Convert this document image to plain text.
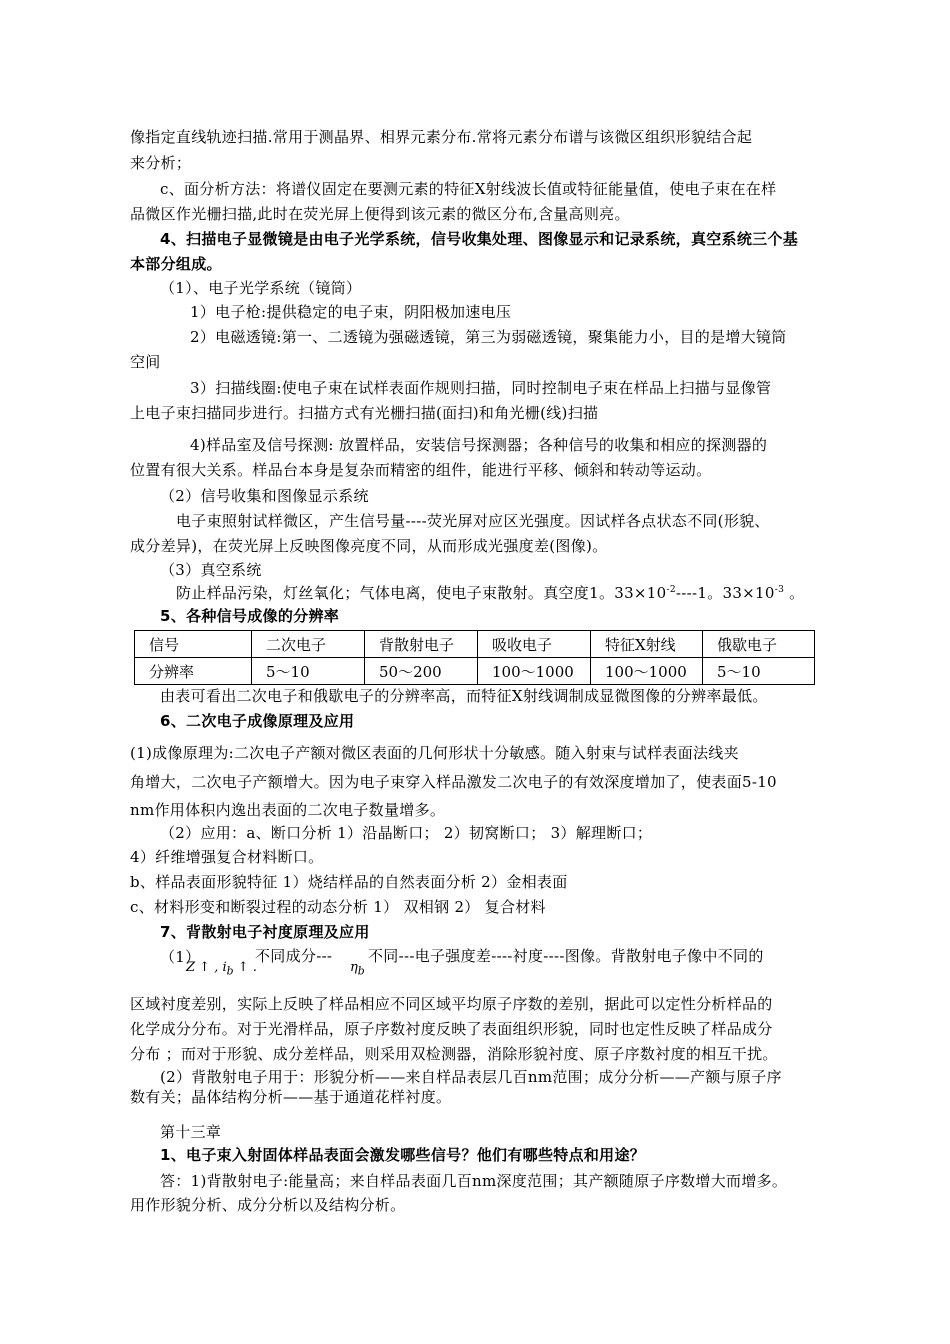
像指定直线轨迹扫描.常用于测晶界、相界元素分布.常将元素分布谱与该微区组织形貌结合起
来分析；
c、面分析方法：将谱仪固定在要测元素的特征X射线波长值或特征能量值，使电子束在在样
品微区作光栅扫描,此时在荧光屏上便得到该元素的微区分布,含量高则亮。
4、扫描电子显微镜是由电子光学系统，信号收集处理、图像显示和记录系统，真空系统三个基
本部分组成。
（1）、电子光学系统（镜筒）
1）电子枪:提供稳定的电子束，阴阳极加速电压
2）电磁透镜:第一、二透镜为强磁透镜，第三为弱磁透镜，聚集能力小，目的是增大镜筒
空间
3）扫描线圈:使电子束在试样表面作规则扫描，同时控制电子束在样品上扫描与显像管
上电子束扫描同步进行。扫描方式有光栅扫描(面扫)和角光栅(线)扫描
4)样品室及信号探测: 放置样品，安装信号探测器；各种信号的收集和相应的探测器的
位置有很大关系。样品台本身是复杂而精密的组件，能进行平移、倾斜和转动等运动。
（2）信号收集和图像显示系统
电子束照射试样微区，产生信号量----荧光屏对应区光强度。因试样各点状态不同(形貌、
成分差异)，在荧光屏上反映图像亮度不同，从而形成光强度差(图像)。
（3）真空系统
防止样品污染，灯丝氧化；气体电离，使电子束散射。真空度1。$33\times 10^{-2}----1$。$33\times 10^{-3}$ 。
5、各种信号成像的分辨率
信号	二次电子	背散射电子	吸收电子	特征X射线	俄歇电子
分辨率	5～10	50～200	100～1000	100～1000	5～10
由表可看出二次电子和俄歇电子的分辨率高，而特征X射线调制成显微图像的分辨率最低。
6、二次电子成像原理及应用
(1)成像原理为:二次电子产额对微区表面的几何形状十分敏感。随入射束与试样表面法线夹
角增大，二次电子产额增大。因为电子束穿入样品激发二次电子的有效深度增加了，使表面5-10
nm作用体积内逸出表面的二次电子数量增多。
（2）应用：a、断口分析 1）沿晶断口； 2）韧窝断口； 3）解理断口；
4）纤维增强复合材料断口。
b、样品表面形貌特征 1）烧结样品的自然表面分析 2）金相表面
c、材料形变和断裂过程的动态分析 1） 双相钢 2） 复合材料
7、背散射电子衬度原理及应用
（1）
Z ↑ , $i_b$ ↑ .
不同成分---
$\eta_b$
不同---电子强度差----衬度----图像。背散射电子像中不同的
区域衬度差别，实际上反映了样品相应不同区域平均原子序数的差别，据此可以定性分析样品的
化学成分分布。对于光滑样品，原子序数衬度反映了表面组织形貌，同时也定性反映了样品成分
分布 ；而对于形貌、成分差样品，则采用双检测器，消除形貌衬度、原子序数衬度的相互干扰。
(2）背散射电子用于：形貌分析——来自样品表层几百nm范围；成分分析——产额与原子序
数有关；晶体结构分析——基于通道花样衬度。
第十三章
1、电子束入射固体样品表面会激发哪些信号？他们有哪些特点和用途？
答：1)背散射电子:能量高；来自样品表面几百nm深度范围；其产额随原子序数增大而增多。
用作形貌分析、成分分析以及结构分析。
